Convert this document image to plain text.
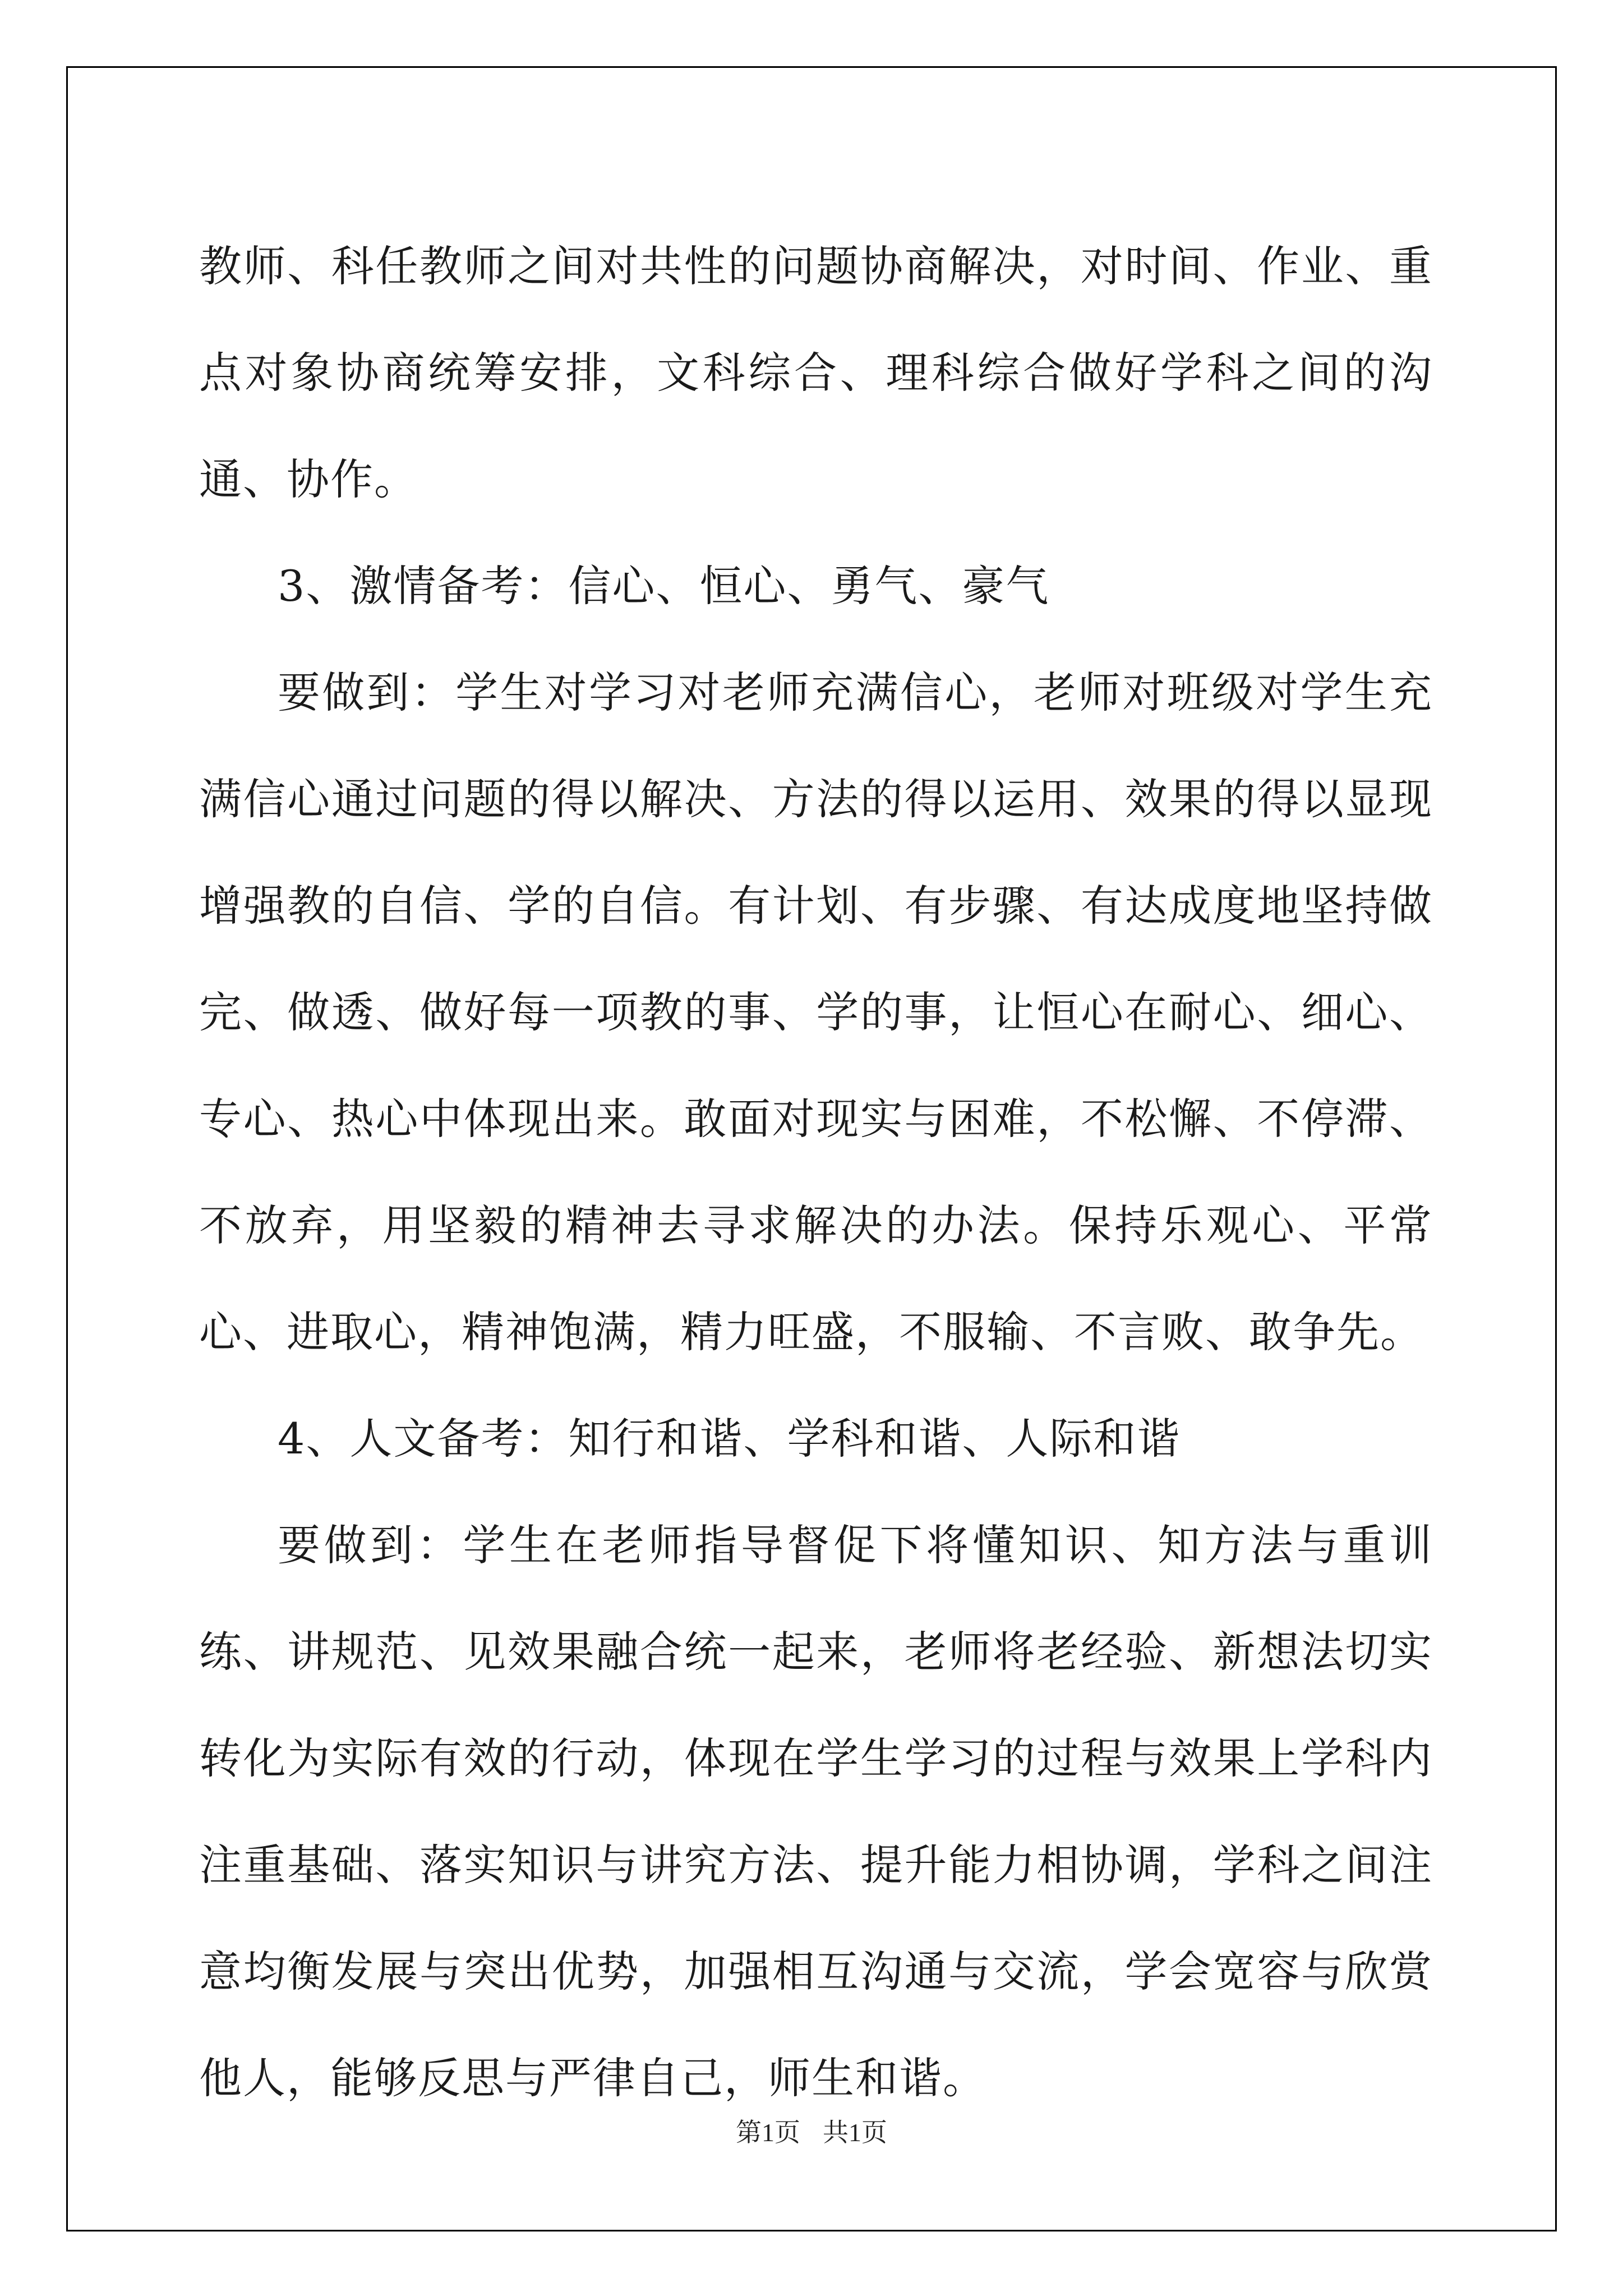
教师、科任教师之间对共性的问题协商解决，对时间、作业、重点对象协商统筹安排，文科综合、理科综合做好学科之间的沟通、协作。

3、激情备考：信心、恒心、勇气、豪气

要做到：学生对学习对老师充满信心，老师对班级对学生充满信心通过问题的得以解决、方法的得以运用、效果的得以显现增强教的自信、学的自信。有计划、有步骤、有达成度地坚持做完、做透、做好每一项教的事、学的事，让恒心在耐心、细心、专心、热心中体现出来。敢面对现实与困难，不松懈、不停滞、不放弃，用坚毅的精神去寻求解决的办法。保持乐观心、平常心、进取心，精神饱满，精力旺盛，不服输、不言败、敢争先。

4、人文备考：知行和谐、学科和谐、人际和谐

要做到：学生在老师指导督促下将懂知识、知方法与重训练、讲规范、见效果融合统一起来，老师将老经验、新想法切实转化为实际有效的行动，体现在学生学习的过程与效果上学科内注重基础、落实知识与讲究方法、提升能力相协调，学科之间注意均衡发展与突出优势，加强相互沟通与交流，学会宽容与欣赏他人，能够反思与严律自己，师生和谐。

第1页 共1页
